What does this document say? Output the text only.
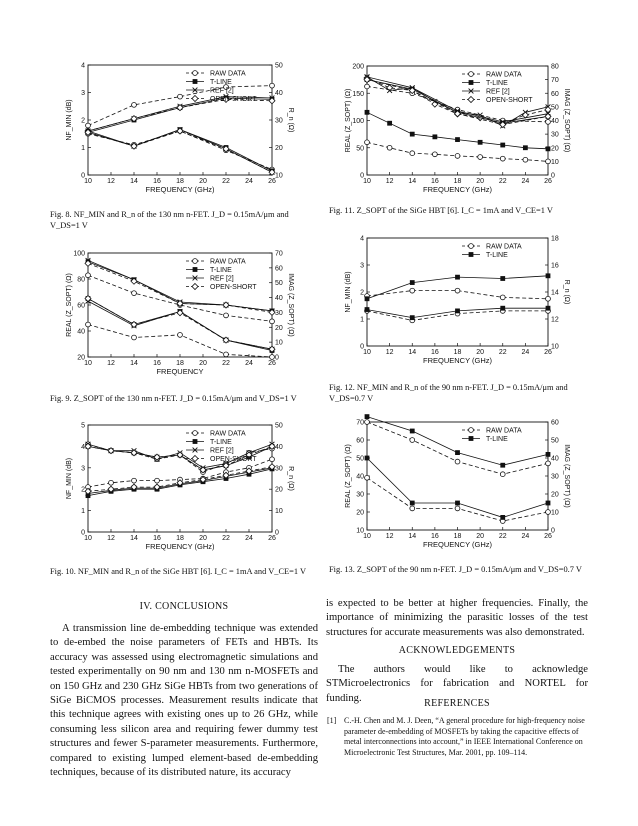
10 12 14 16 18 20 22 24 26
0
1
2
3
4
10
20
30
40
50
FREQUENCY (GHz)
NF_MIN (dB)	R_n (Ω)
RAW DATA
T-LINE
REF [2]
OPEN-SHORT
10 12 14 16 18 20 22 24 26
20
40
60
80
100
0
10
20
30
40
50
60
70
FREQUENCY
REAL (Z_SOPT) (Ω)	IMAG (Z_SOPT) (Ω)
RAW DATA
T-LINE
REF [2]
OPEN-SHORT
10 12 14 16 18 20 22 24 26
0
1
2
3
4
5
0
10
20
30
40
50
FREQUENCY (GHz)
NF_MIN (dB)	R_n (Ω)
RAW DATA
T-LINE
REF [2]
OPEN-SHORT
10 12 14 16 18 20 22 24 26
0
50
100
150
200
0
10
20
30
40
50
60
70
80
FREQUENCY (GHz)
REAL (Z_SOPT) (Ω)	IMAG (Z_SOPT) (Ω)
RAW DATA
T-LINE
REF [2]
OPEN-SHORT
10 12 14 16 18 20 22 24 26
0
1
2
3
4
10
12
14
16
18
FREQUENCY (GHz)
NF_MIN (dB)	R_n (Ω)
RAW DATA
T-LINE
10 12 14 16 18 20 22 24 26
10
20
30
40
50
60
70
0
10
20
30
40
50
60
FREQUENCY (GHz)
REAL (Z_SOPT) (Ω)	IMAG (Z_SOPT) (Ω)
RAW DATA
T-LINE
Fig. 8. NF_MIN and R_n of the 130 nm n-FET. J_D = 0.15mA/μm and V_DS=1 V
Fig. 9. Z_SOPT of the 130 nm n-FET. J_D = 0.15mA/μm and V_DS=1 V
Fig. 10. NF_MIN and R_n of the SiGe HBT [6]. I_C = 1mA and V_CE=1 V
Fig. 11. Z_SOPT of the SiGe HBT [6]. I_C = 1mA and V_CE=1 V
Fig. 12. NF_MIN and R_n of the 90 nm n-FET. J_D = 0.15mA/μm and V_DS=0.7 V
Fig. 13. Z_SOPT of the 90 nm n-FET. J_D = 0.15mA/μm and V_DS=0.7 V
IV. CONCLUSIONS
A transmission line de-embedding technique was extended to de-embed the noise parameters of FETs and HBTs. Its accuracy was assessed using electromagnetic simulations and tested experimentally on 90 nm and 130 nm n-MOSFETs and on 150 GHz and 230 GHz SiGe HBTs from two generations of SiGe BiCMOS processes. Measurement results indicate that this technique agrees with existing ones up to 26 GHz, while consuming less silicon area and requiring fewer dummy test structures and fewer S-parameter measurements. Furthermore, compared to existing lumped element-based de-embedding techniques, because of its distributed nature, its accuracy
is expected to be better at higher frequencies. Finally, the importance of minimizing the parasitic losses of the test structures for accurate measurements was also demonstrated.
ACKNOWLEDGEMENTS
The authors would like to acknowledge STMicroelectronics for fabrication and NORTEL for funding.	REFERENCES
[1] C.-H. Chen and M. J. Deen, “A general procedure for high-frequency noise parameter de-embedding of MOSFETs by taking the capacitive effects of metal interconnections into account,” in IEEE International Conference on Microelectronic Test Structures, Mar. 2001, pp. 109–114.
